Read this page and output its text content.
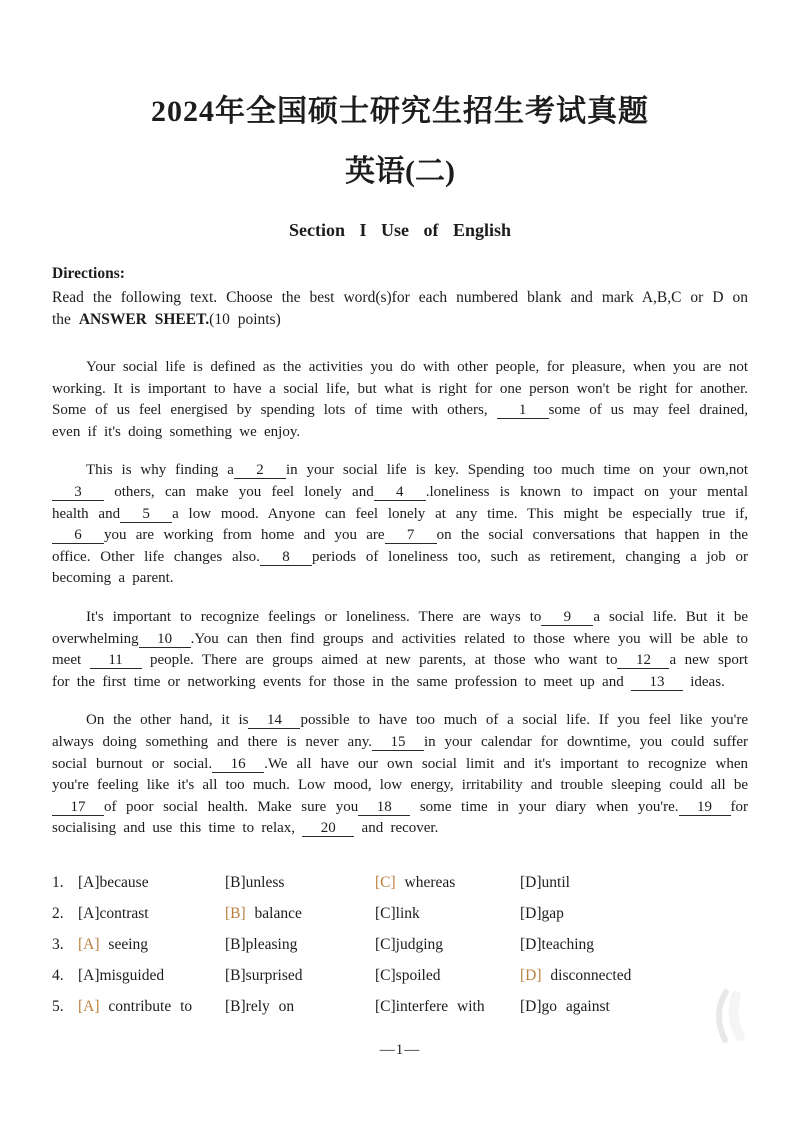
2024年全国硕士研究生招生考试真题
英语(二)
Section I Use of English
Directions:
Read the following text. Choose the best word(s)for each numbered blank and mark A,B,C or D on the ANSWER SHEET.(10 points)

Your social life is defined as the activities you do with other people, for pleasure, when you are not working. It is important to have a social life, but what is right for one person won't be right for another. Some of us feel energised by spending lots of time with others, 1 some of us may feel drained, even if it's doing something we enjoy.

This is why finding a 2 in your social life is key. Spending too much time on your own,not 3 others, can make you feel lonely and 4 .loneliness is known to impact on your mental health and 5 a low mood. Anyone can feel lonely at any time. This might be especially true if,6 you are working from home and you are 7 on the social conversations that happen in the office. Other life changes also. 8 periods of loneliness too, such as retirement, changing a job or becoming a parent.

It's important to recognize feelings or loneliness. There are ways to 9 a social life. But it be overwhelming 10 .You can then find groups and activities related to those where you will be able to meet 11 people. There are groups aimed at new parents, at those who want to 12 a new sport for the first time or networking events for those in the same profession to meet up and 13 ideas.

On the other hand, it is 14 possible to have too much of a social life. If you feel like you're always doing something and there is never any. 15 in your calendar for downtime, you could suffer social burnout or social. 16 .We all have our own social limit and it's important to recognize when you're feeling like it's all too much. Low mood, low energy, irritability and trouble sleeping could all be17 of poor social health. Make sure you 18 some time in your diary when you're. 19 for socialising and use this time to relax, 20 and recover.

1. [A]because	[B]unless	[C] whereas	[D]until
2. [A]contrast	[B] balance	[C]link	[D]gap
3. [A] seeing	[B]pleasing	[C]judging	[D]teaching
4. [A]misguided	[B]surprised	[C]spoiled	[D] disconnected
5. [A] contribute to	[B]rely on	[C]interfere with	[D]go against
—1—
